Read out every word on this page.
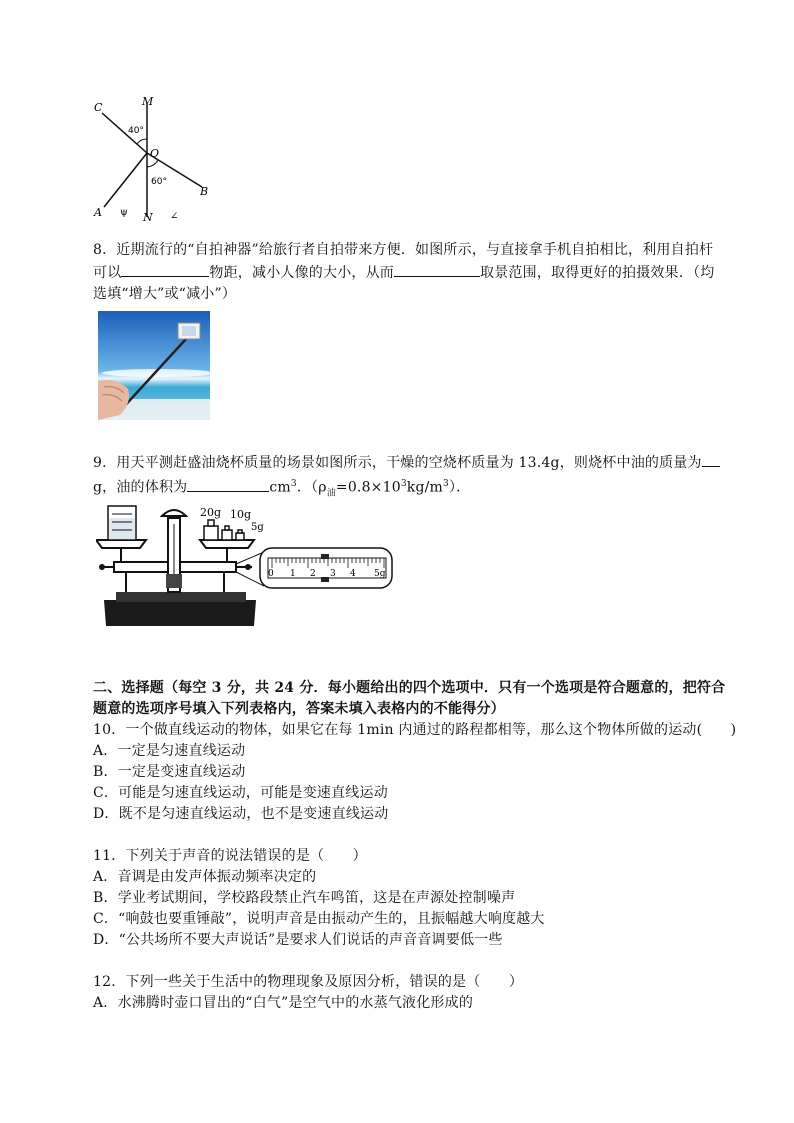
C	M
40°
O
60°
B
A ψ N ∠
8．近期流行的“自拍神器”给旅行者自拍带来方便．如图所示，与直接拿手机自拍相比，利用自拍杆
可以	物距，减小人像的大小，从而	取景范围，取得更好的拍摄效果．（均
选填“增大”或“减小”）
9．用天平测赶盛油烧杯质量的场景如图所示，干燥的空烧杯质量为 13.4g，则烧杯中油的质量为
g，油的体积为	$cm^3$．$(\rho_油=0.8\times 10^3kg/m^3)$．
20g 10g
5g
0 1 2 3 4 5g
二、选择题（每空 3 分，共 24 分．每小题给出的四个选项中．只有一个选项是符合题意的，把符合
题意的选项序号填入下列表格内，答案未填入表格内的不能得分）
10．一个做直线运动的物体，如果它在每 1min 内通过的路程都相等，那么这个物体所做的运动(　　)
A．一定是匀速直线运动
B．一定是变速直线运动
C．可能是匀速直线运动，可能是变速直线运动
D．既不是匀速直线运动，也不是变速直线运动
11．下列关于声音的说法错误的是（　　）
A．音调是由发声体振动频率决定的
B．学业考试期间，学校路段禁止汽车鸣笛，这是在声源处控制噪声
C．“响鼓也要重锤敲”，说明声音是由振动产生的，且振幅越大响度越大
D．“公共场所不要大声说话”是要求人们说话的声音音调要低一些
12．下列一些关于生活中的物理现象及原因分析，错误的是（　　）
A．水沸腾时壶口冒出的“白气”是空气中的水蒸气液化形成的
